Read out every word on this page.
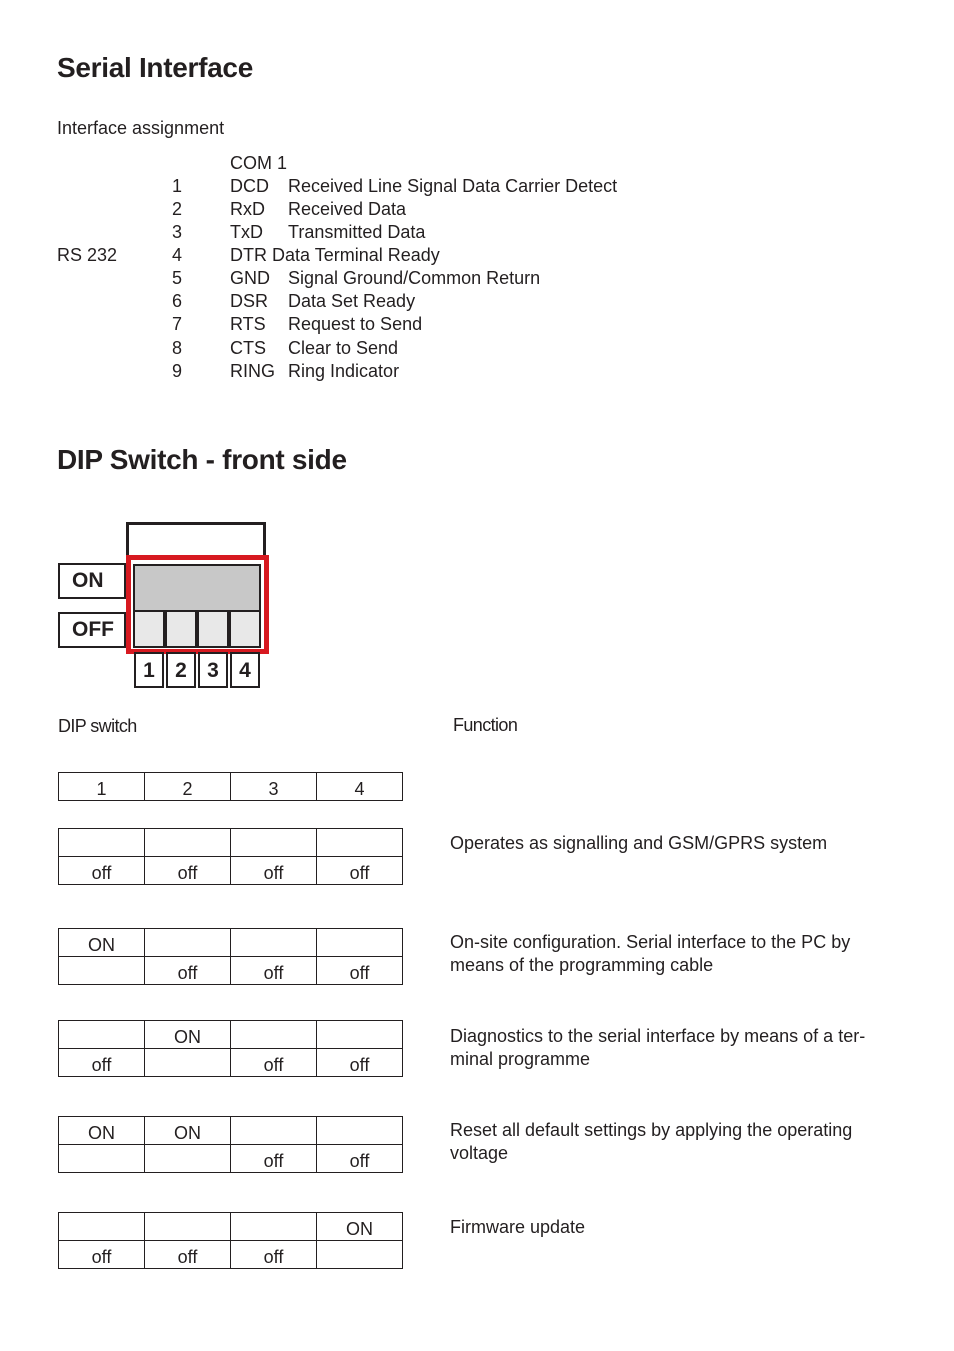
Serial Interface
Interface assignment
COM 1
1	DCD Received Line Signal Data Carrier Detect
2	RxD Received Data
3	TxD Transmitted Data
RS 232	4	DTR Data Terminal Ready
5	GND Signal Ground/Common Return
6	DSR Data Set Ready
7	RTS Request to Send
8	CTS Clear to Send
9	RING Ring Indicator
DIP Switch - front side
ON
OFF
1 2 3 4
DIP switch	Function
1	2	3	4

off	off	off	off
Operates as signalling and GSM/GPRS system
ON			
	off	off	off
On-site configuration. Serial interface to the PC by means of the programming cable
	ON		
off		off	off
Diagnostics to the serial interface by means of a ter-minal programme
ON	ON		
		off	off
Reset all default settings by applying the operating voltage
			ON
off	off	off	
Firmware update
